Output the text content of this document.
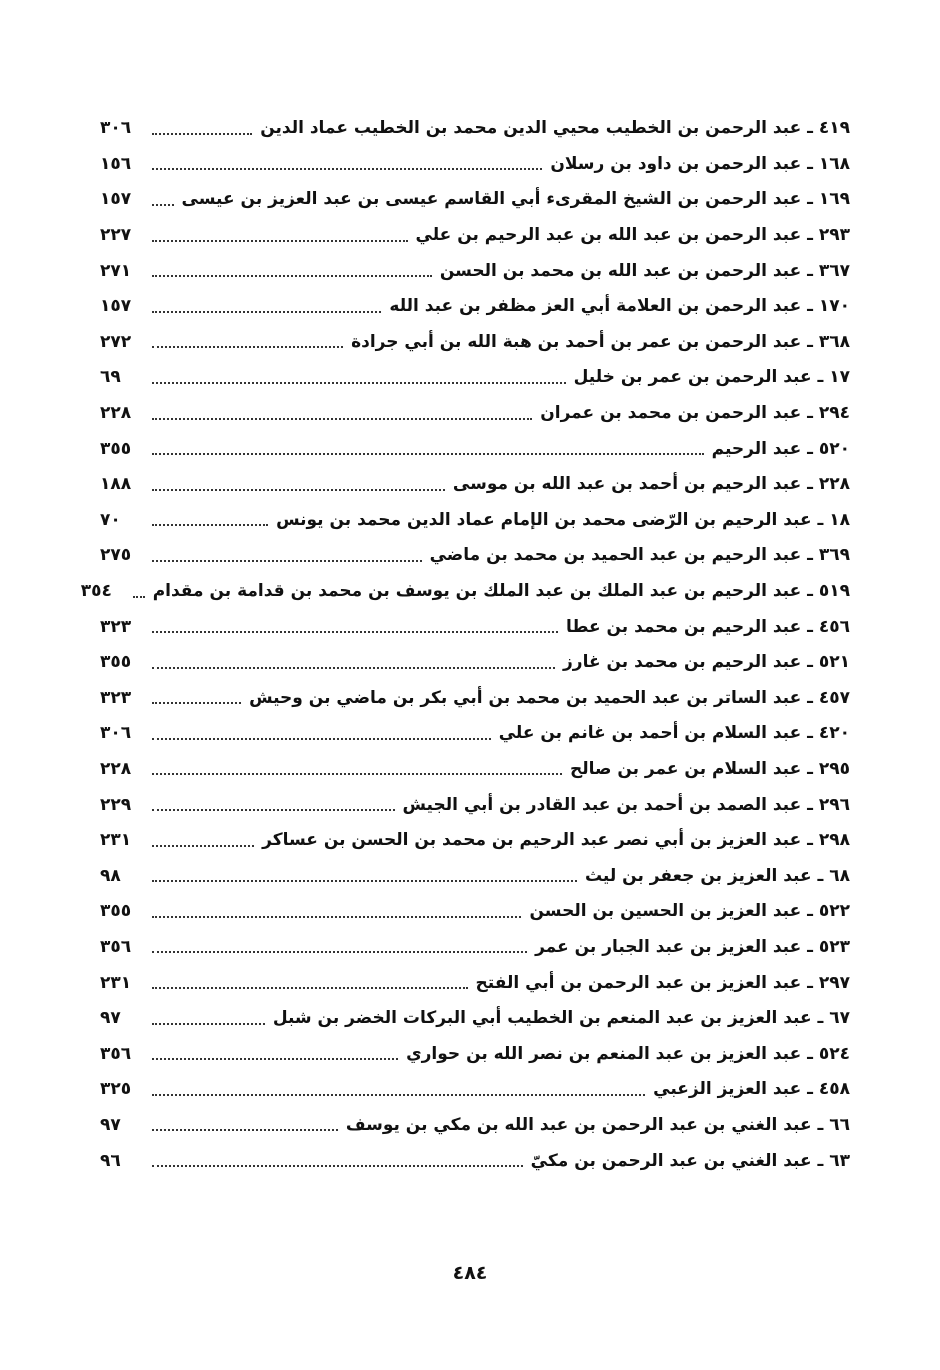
٤١٩ ـ عبد الرحمن بن الخطيب محيي الدين محمد بن الخطيب عماد الدين
٣٠٦
١٦٨ ـ عبد الرحمن بن داود بن رسلان
١٥٦
١٦٩ ـ عبد الرحمن بن الشيخ المقرىء أبي القاسم عيسى بن عبد العزيز بن عيسى
١٥٧
٢٩٣ ـ عبد الرحمن بن عبد الله بن عبد الرحيم بن علي
٢٢٧
٣٦٧ ـ عبد الرحمن بن عبد الله بن محمد بن الحسن
٢٧١
١٧٠ ـ عبد الرحمن بن العلامة أبي العز مظفر بن عبد الله
١٥٧
٣٦٨ ـ عبد الرحمن بن عمر بن أحمد بن هبة الله بن أبي جرادة
٢٧٢
١٧ ـ عبد الرحمن بن عمر بن خليل
٦٩
٢٩٤ ـ عبد الرحمن بن محمد بن عمران
٢٢٨
٥٢٠ ـ عبد الرحيم
٣٥٥
٢٢٨ ـ عبد الرحيم بن أحمد بن عبد الله بن موسى
١٨٨
١٨ ـ عبد الرحيم بن الرّضى محمد بن الإمام عماد الدين محمد بن يونس
٧٠
٣٦٩ ـ عبد الرحيم بن عبد الحميد بن محمد بن ماضي
٢٧٥
٥١٩ ـ عبد الرحيم بن عبد الملك بن عبد الملك بن يوسف بن محمد بن قدامة بن مقدام
٣٥٤
٤٥٦ ـ عبد الرحيم بن محمد بن عطا
٣٢٣
٥٢١ ـ عبد الرحيم بن محمد بن غارز
٣٥٥
٤٥٧ ـ عبد الساتر بن عبد الحميد بن محمد بن أبي بكر بن ماضي بن وحيش
٣٢٣
٤٢٠ ـ عبد السلام بن أحمد بن غانم بن علي
٣٠٦
٢٩٥ ـ عبد السلام بن عمر بن صالح
٢٢٨
٢٩٦ ـ عبد الصمد بن أحمد بن عبد القادر بن أبي الجيش
٢٢٩
٢٩٨ ـ عبد العزيز بن أبي نصر عبد الرحيم بن محمد بن الحسن بن عساكر
٢٣١
٦٨ ـ عبد العزيز بن جعفر بن ليث
٩٨
٥٢٢ ـ عبد العزيز بن الحسين بن الحسن
٣٥٥
٥٢٣ ـ عبد العزيز بن عبد الجبار بن عمر
٣٥٦
٢٩٧ ـ عبد العزيز بن عبد الرحمن بن أبي الفتح
٢٣١
٦٧ ـ عبد العزيز بن عبد المنعم بن الخطيب أبي البركات الخضر بن شبل
٩٧
٥٢٤ ـ عبد العزيز بن عبد المنعم بن نصر الله بن حواري
٣٥٦
٤٥٨ ـ عبد العزيز الزعبي
٣٢٥
٦٦ ـ عبد الغني بن عبد الرحمن بن عبد الله بن مكي بن يوسف
٩٧
٦٣ ـ عبد الغني بن عبد الرحمن بن مكيّ
٩٦
٤٨٤
